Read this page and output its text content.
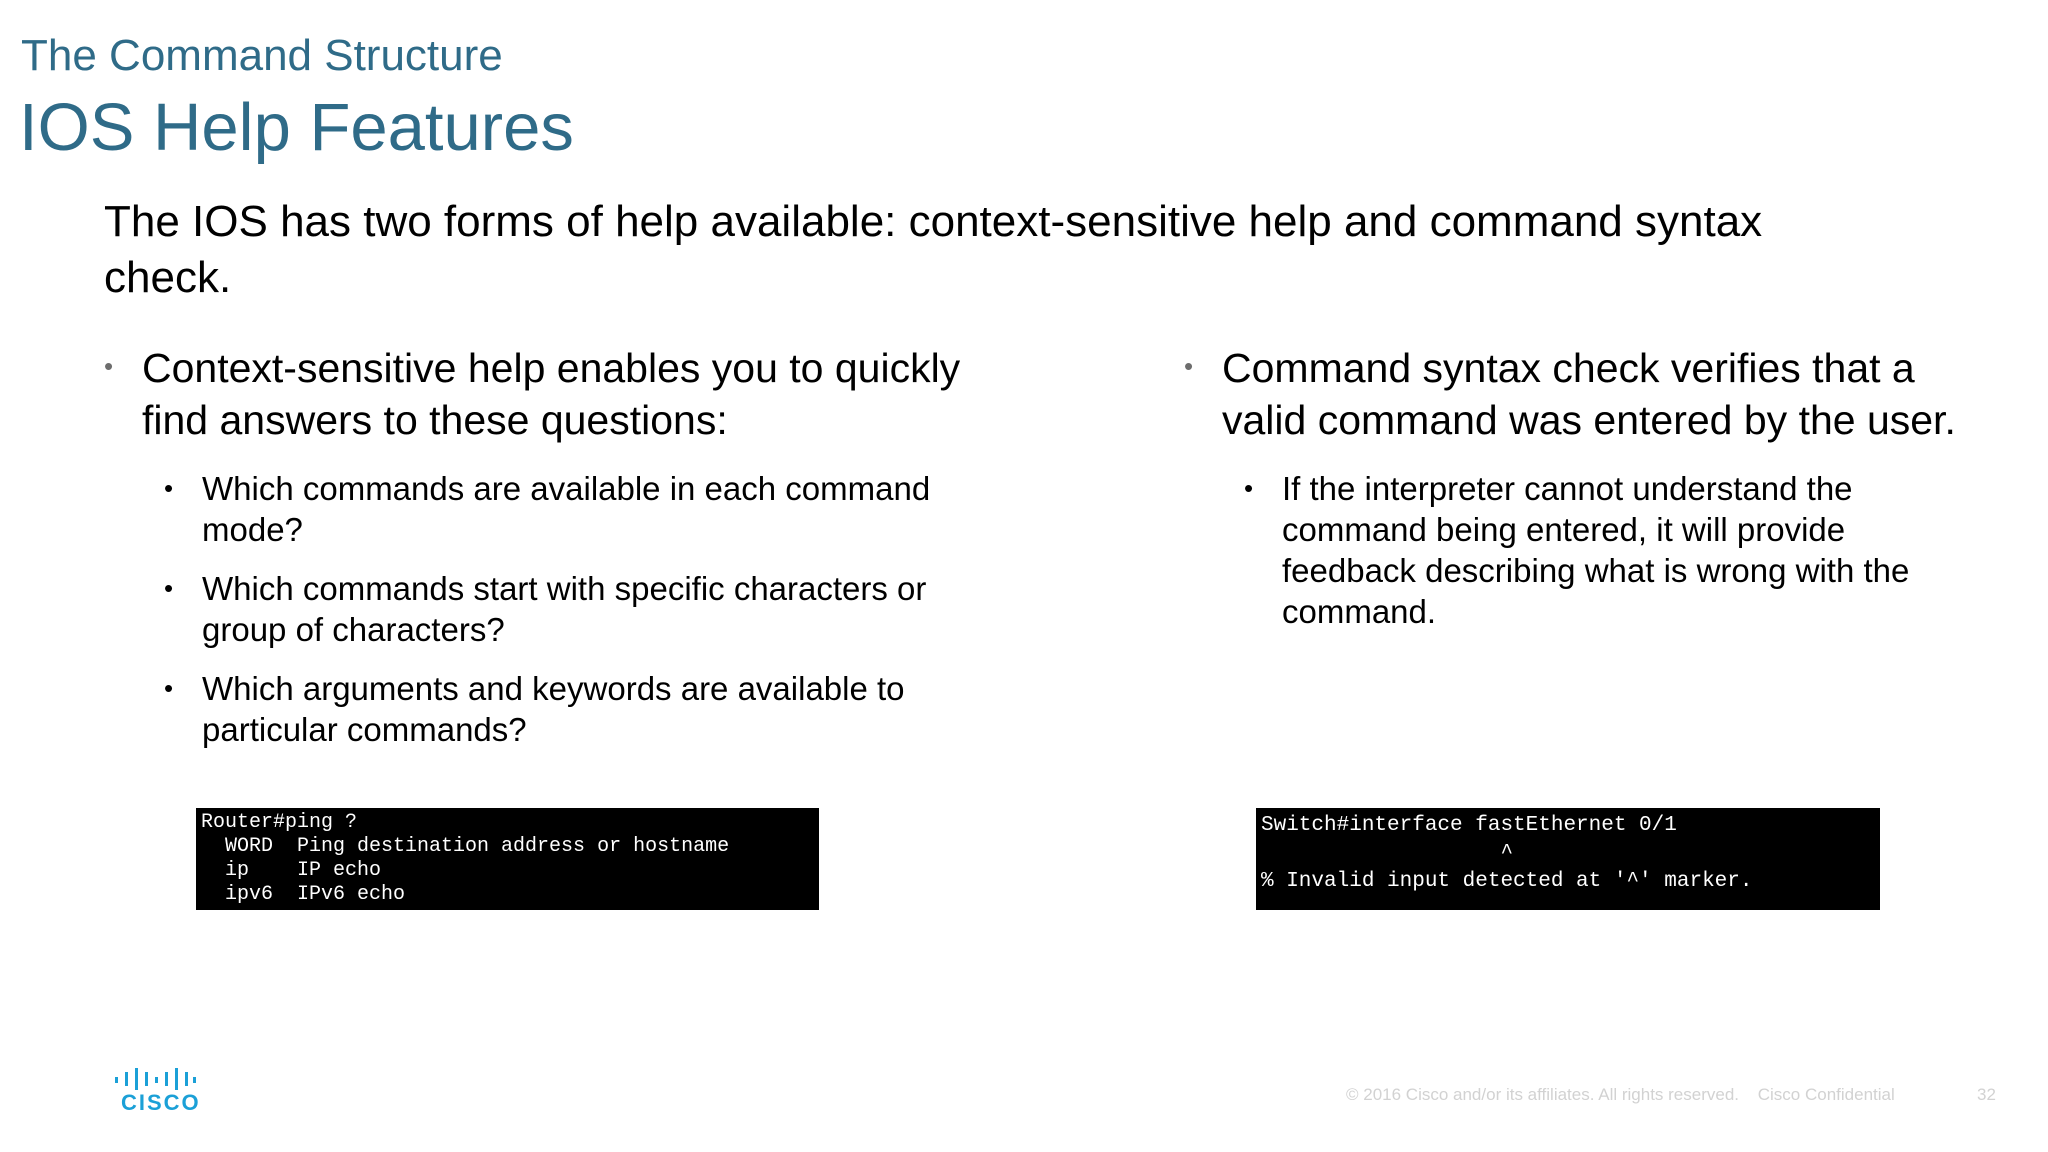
The Command Structure
IOS Help Features
The IOS has two forms of help available: context-sensitive help and command syntax check.
• Context-sensitive help enables you to quickly find answers to these questions:
• Which commands are available in each command mode?
• Which commands start with specific characters or group of characters?
• Which arguments and keywords are available to particular commands?
• Command syntax check verifies that a valid command was entered by the user.
• If the interpreter cannot understand the command being entered, it will provide feedback describing what is wrong with the command.
Router#ping ?
WORD  Ping destination address or hostname
ip    IP echo
ipv6  IPv6 echo
Switch#interface fastEthernet 0/1
^
% Invalid input detected at '^' marker.
CISCO	© 2016 Cisco and/or its affiliates. All rights reserved. Cisco Confidential	32
